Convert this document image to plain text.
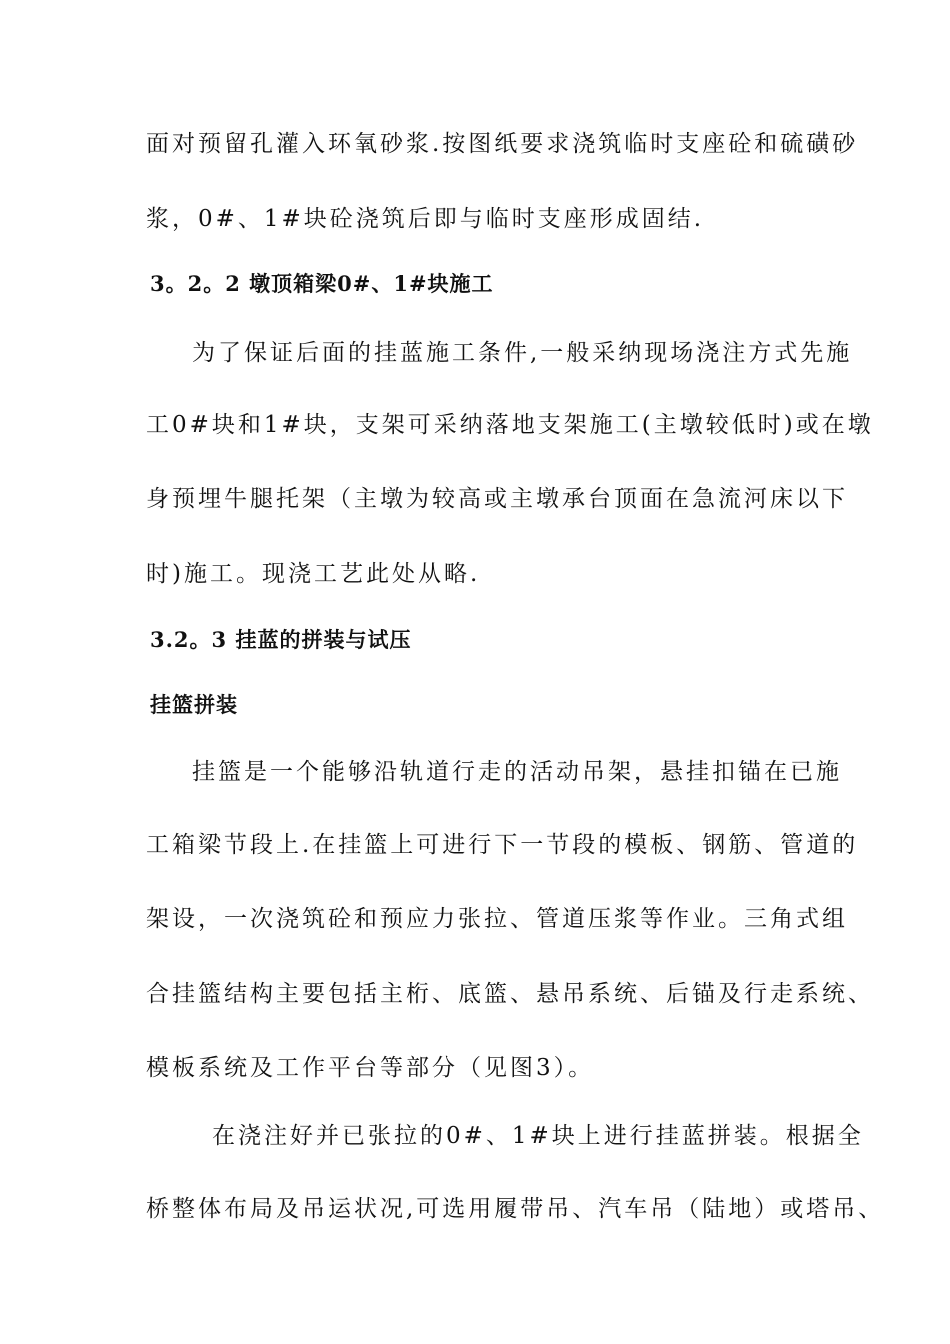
面对预留孔灌入环氧砂浆.按图纸要求浇筑临时支座砼和硫磺砂
浆，0#、1#块砼浇筑后即与临时支座形成固结.
3。2。2 墩顶箱梁0#、1#块施工
为了保证后面的挂蓝施工条件,一般采纳现场浇注方式先施
工0#块和1#块，支架可采纳落地支架施工(主墩较低时)或在墩
身预埋牛腿托架（主墩为较高或主墩承台顶面在急流河床以下
时)施工。现浇工艺此处从略.
3.2。3 挂蓝的拼装与试压
挂篮拼装
挂篮是一个能够沿轨道行走的活动吊架，悬挂扣锚在已施
工箱梁节段上.在挂篮上可进行下一节段的模板、钢筋、管道的
架设，一次浇筑砼和预应力张拉、管道压浆等作业。三角式组
合挂篮结构主要包括主桁、底篮、悬吊系统、后锚及行走系统、
模板系统及工作平台等部分（见图3）。
在浇注好并已张拉的0#、1#块上进行挂蓝拼装。根据全
桥整体布局及吊运状况,可选用履带吊、汽车吊（陆地）或塔吊、
